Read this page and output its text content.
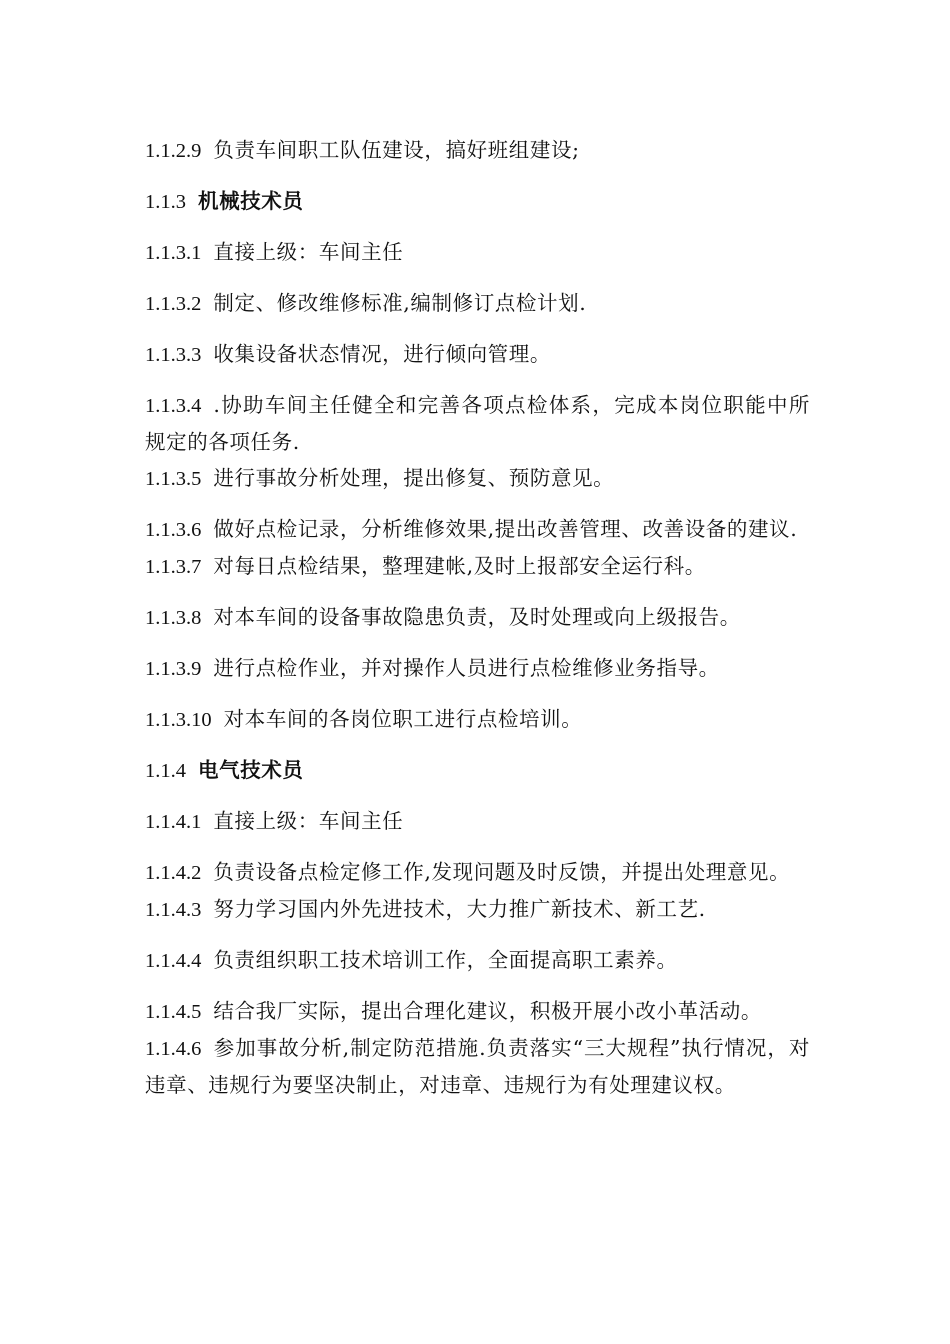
1.1.2.9 负责车间职工队伍建设，搞好班组建设;

1.1.3 机械技术员

1.1.3.1 直接上级：车间主任

1.1.3.2 制定、修改维修标准,编制修订点检计划.

1.1.3.3 收集设备状态情况，进行倾向管理。

1.1.3.4 .协助车间主任健全和完善各项点检体系，完成本岗位职能中所规定的各项任务.

1.1.3.5 进行事故分析处理，提出修复、预防意见。

1.1.3.6 做好点检记录，分析维修效果,提出改善管理、改善设备的建议.

1.1.3.7 对每日点检结果，整理建帐,及时上报部安全运行科。

1.1.3.8 对本车间的设备事故隐患负责，及时处理或向上级报告。

1.1.3.9 进行点检作业，并对操作人员进行点检维修业务指导。

1.1.3.10 对本车间的各岗位职工进行点检培训。

1.1.4 电气技术员

1.1.4.1 直接上级：车间主任

1.1.4.2 负责设备点检定修工作,发现问题及时反馈，并提出处理意见。

1.1.4.3 努力学习国内外先进技术，大力推广新技术、新工艺.

1.1.4.4 负责组织职工技术培训工作，全面提高职工素养。

1.1.4.5 结合我厂实际，提出合理化建议，积极开展小改小革活动。

1.1.4.6 参加事故分析,制定防范措施.负责落实“三大规程”执行情况，对违章、违规行为要坚决制止，对违章、违规行为有处理建议权。
